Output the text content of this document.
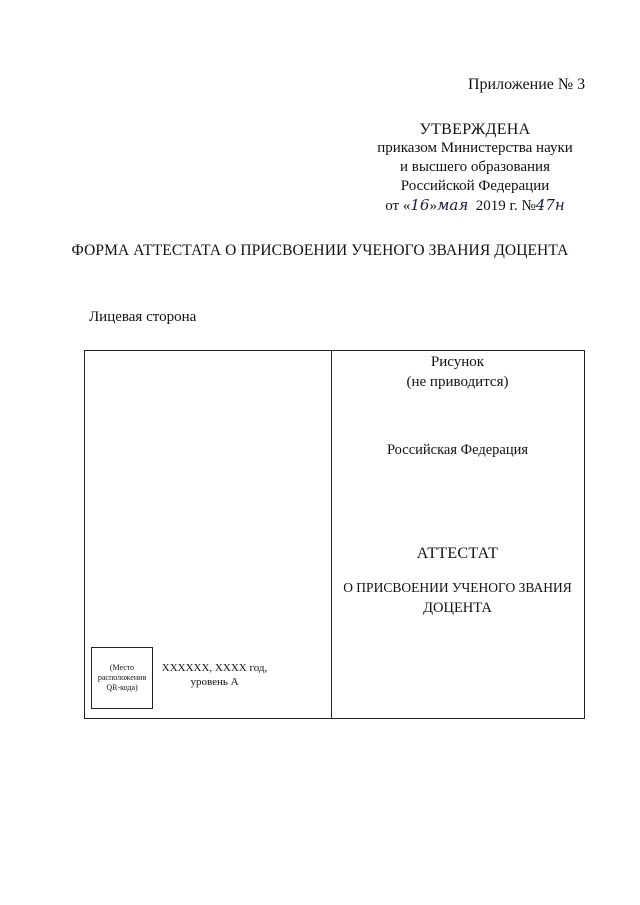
Приложение № 3
УТВЕРЖДЕНА
приказом Министерства науки
и высшего образования
Российской Федерации
от «16»мая 2019 г. №47н
ФОРМА АТТЕСТАТА О ПРИСВОЕНИИ УЧЕНОГО ЗВАНИЯ ДОЦЕНТА
Лицевая сторона
Рисунок
(не приводится)
Российская Федерация
АТТЕСТАТ
О ПРИСВОЕНИИ УЧЕНОГО ЗВАНИЯ
ДОЦЕНТА
(Место расположения QR-кода)
XXXXXX, XXXX год,
уровень А
